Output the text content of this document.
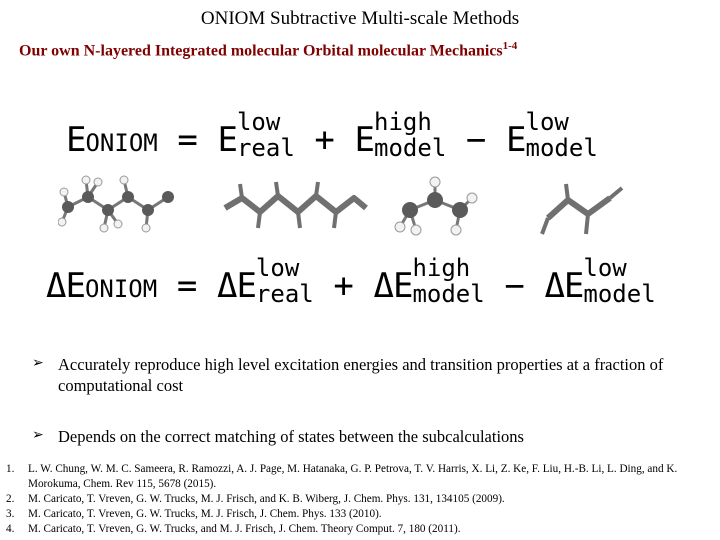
ONIOM Subtractive Multi-scale Methods
Our own N-layered Integrated molecular Orbital molecular Mechanics$^{1-4}$
EONIOM = E low
real + E high
model − E low
model
ΔEONIOM = ΔE low
real + ΔE high
model − ΔE low
model
➢ Accurately reproduce high level excitation energies and transition properties at a fraction of computational cost
➢ Depends on the correct matching of states between the subcalculations
1. L. W. Chung, W. M. C. Sameera, R. Ramozzi, A. J. Page, M. Hatanaka, G. P. Petrova, T. V. Harris, X. Li, Z. Ke, F. Liu, H.-B. Li, L. Ding, and K. Morokuma, Chem. Rev 115, 5678 (2015).
2. M. Caricato, T. Vreven, G. W. Trucks, M. J. Frisch, and K. B. Wiberg, J. Chem. Phys. 131, 134105 (2009).
3. M. Caricato, T. Vreven, G. W. Trucks, M. J. Frisch, J. Chem. Phys. 133 (2010).
4. M. Caricato, T. Vreven, G. W. Trucks, and M. J. Frisch, J. Chem. Theory Comput. 7, 180 (2011).
